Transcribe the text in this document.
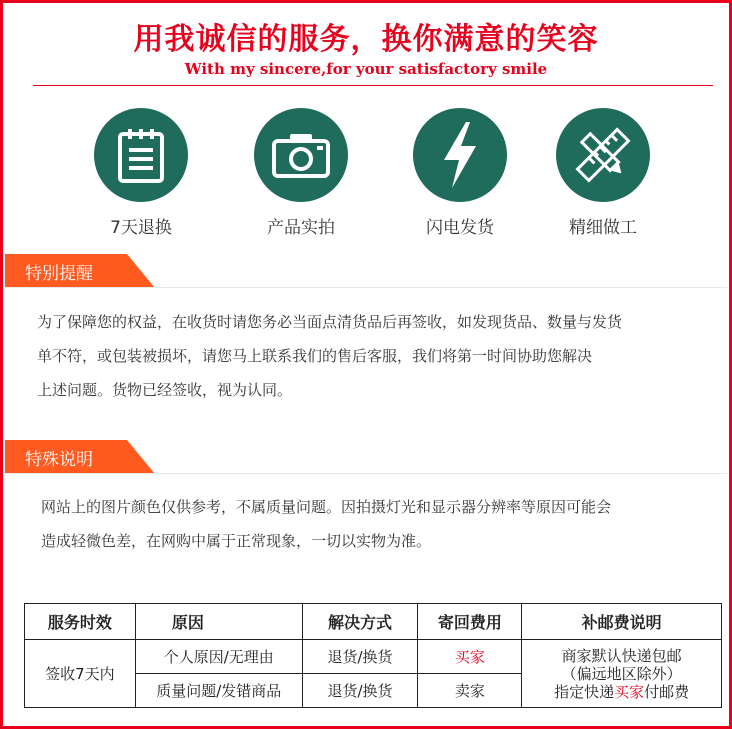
用我诚信的服务，换你满意的笑容
With my sincere,for your satisfactory smile
7天退换	产品实拍	闪电发货	精细做工
特别提醒
为了保障您的权益，在收货时请您务必当面点清货品后再签收，如发现货品、数量与发货
单不符，或包装被损坏，请您马上联系我们的售后客服，我们将第一时间协助您解决
上述问题。货物已经签收，视为认同。
特殊说明
网站上的图片颜色仅供参考，不属质量问题。因拍摄灯光和显示器分辨率等原因可能会
造成轻微色差，在网购中属于正常现象，一切以实物为准。
服务时效	原因	解决方式	寄回费用	补邮费说明
签收7天内	个人原因/无理由	退货/换货	买家	商家默认快递包邮
（偏远地区除外）
指定快递买家付邮费

	质量问题/发错商品	退货/换货	卖家	
